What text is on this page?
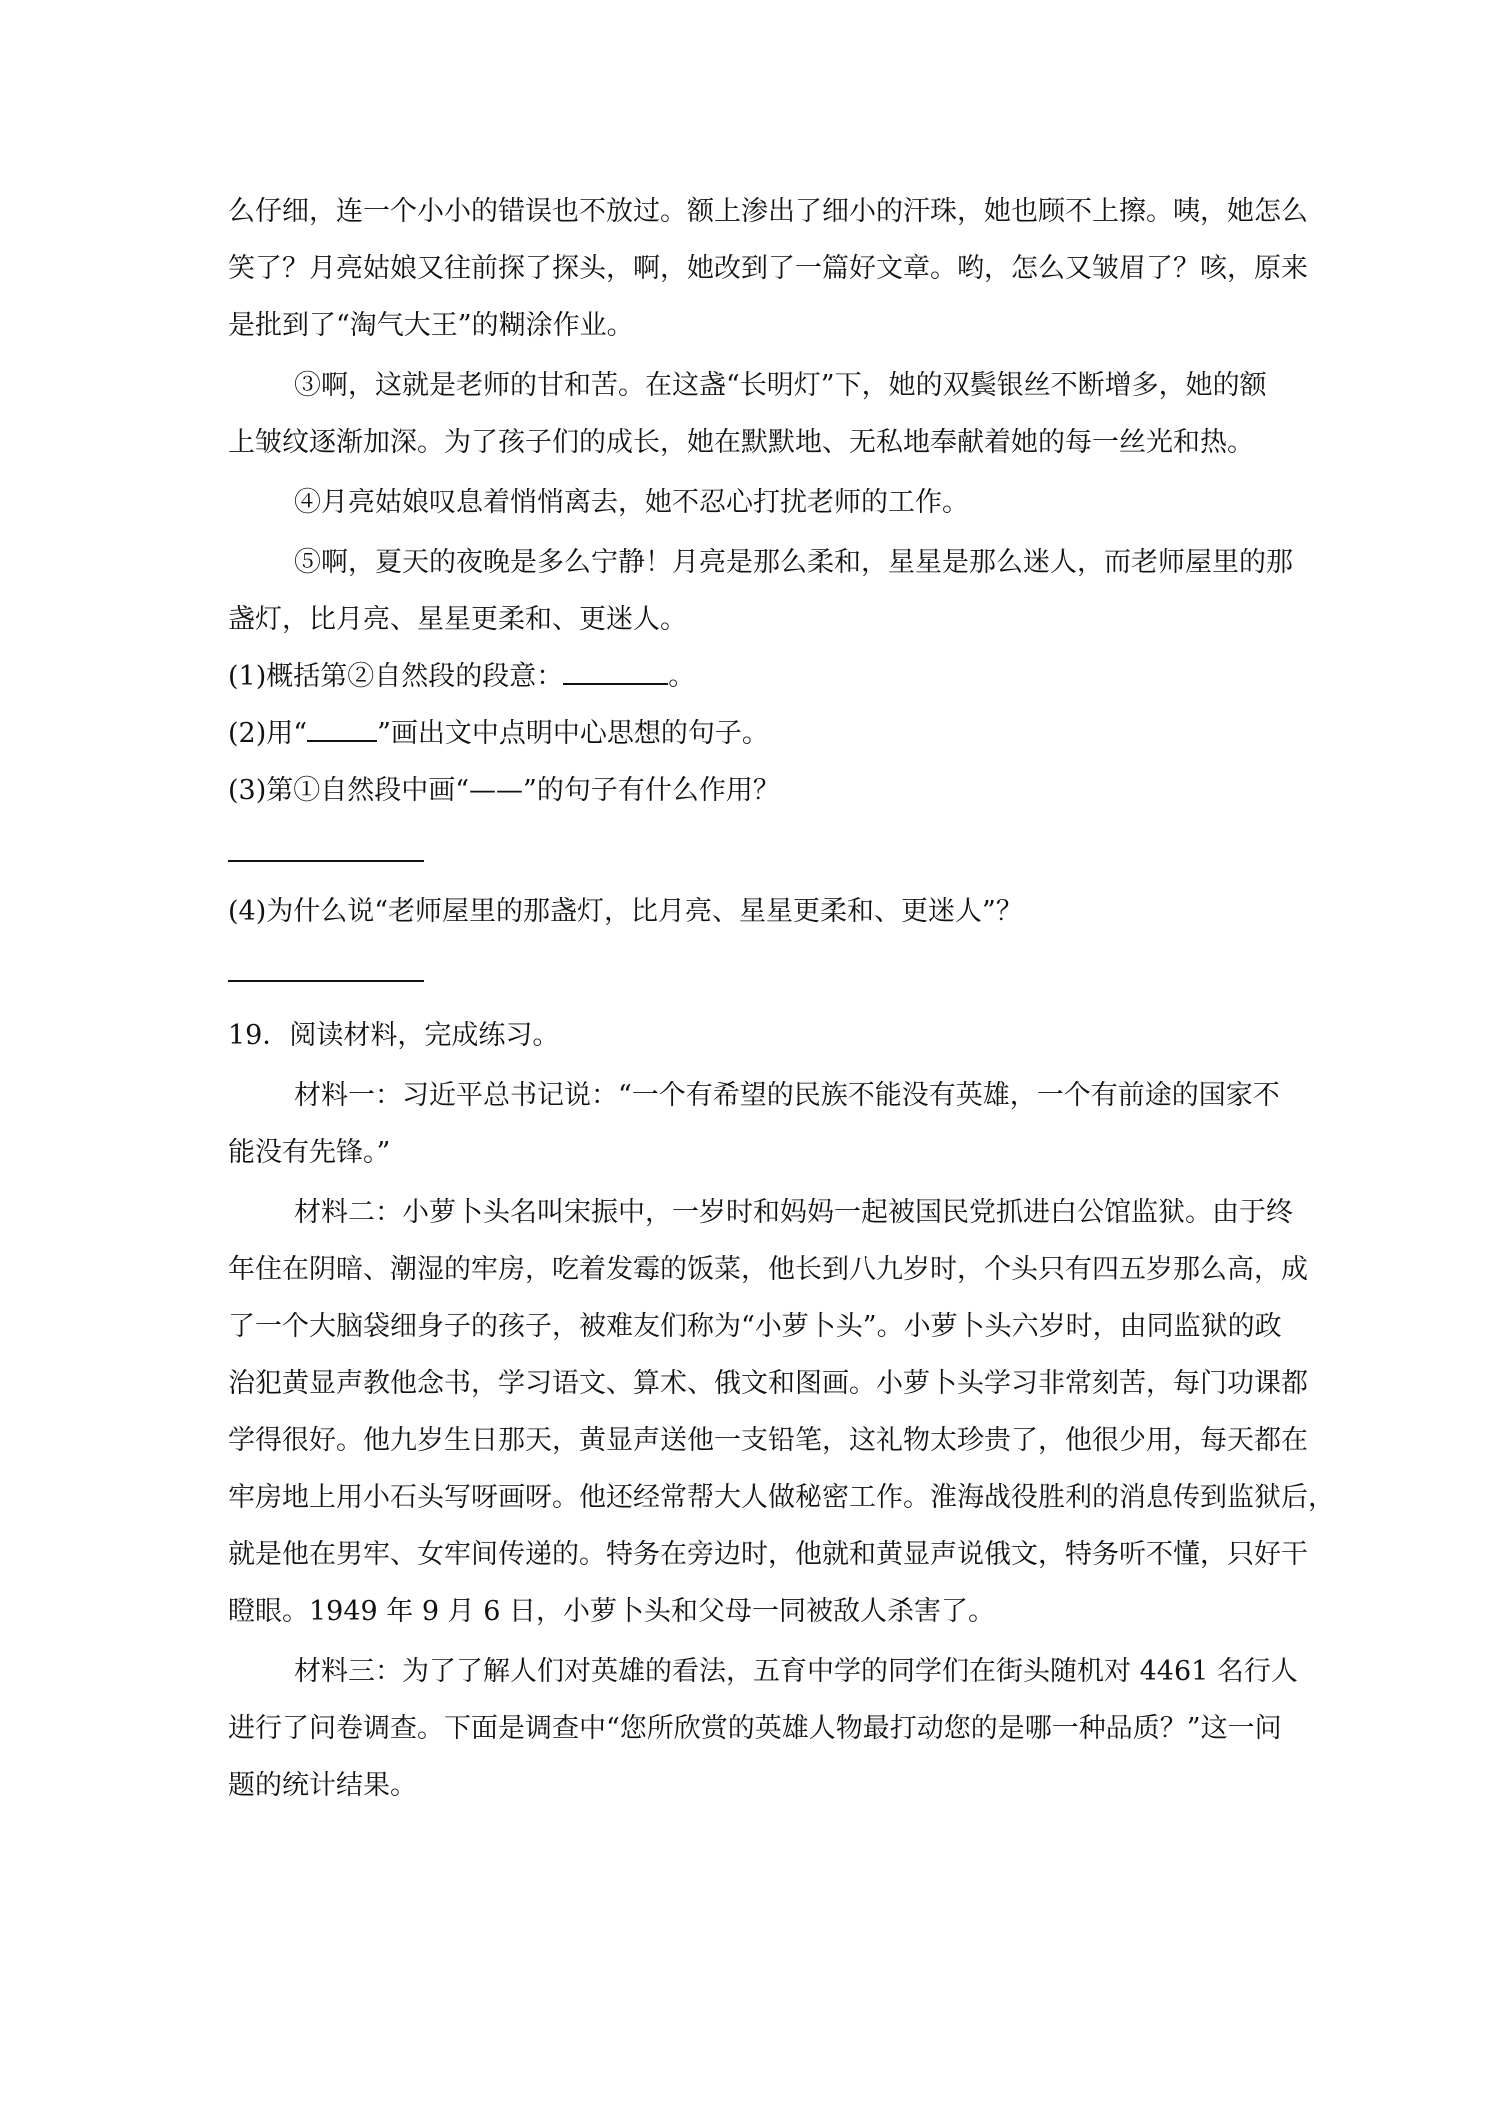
么仔细，连一个小小的错误也不放过。额上渗出了细小的汗珠，她也顾不上擦。咦，她怎么
笑了？月亮姑娘又往前探了探头，啊，她改到了一篇好文章。哟，怎么又皱眉了？咳，原来
是批到了“淘气大王”的糊涂作业。
③啊，这就是老师的甘和苦。在这盏“长明灯”下，她的双鬓银丝不断增多，她的额
上皱纹逐渐加深。为了孩子们的成长，她在默默地、无私地奉献着她的每一丝光和热。
④月亮姑娘叹息着悄悄离去，她不忍心打扰老师的工作。
⑤啊，夏天的夜晚是多么宁静！月亮是那么柔和，星星是那么迷人，而老师屋里的那
盏灯，比月亮、星星更柔和、更迷人。
(1)概括第②自然段的段意：	。
(2)用“	”画出文中点明中心思想的句子。
(3)第①自然段中画“——”的句子有什么作用？
(4)为什么说“老师屋里的那盏灯，比月亮、星星更柔和、更迷人”？
19．阅读材料，完成练习。
材料一：习近平总书记说：“一个有希望的民族不能没有英雄，一个有前途的国家不
能没有先锋。”
材料二：小萝卜头名叫宋振中，一岁时和妈妈一起被国民党抓进白公馆监狱。由于终
年住在阴暗、潮湿的牢房，吃着发霉的饭菜，他长到八九岁时，个头只有四五岁那么高，成
了一个大脑袋细身子的孩子，被难友们称为“小萝卜头”。小萝卜头六岁时，由同监狱的政
治犯黄显声教他念书，学习语文、算术、俄文和图画。小萝卜头学习非常刻苦，每门功课都
学得很好。他九岁生日那天，黄显声送他一支铅笔，这礼物太珍贵了，他很少用，每天都在
牢房地上用小石头写呀画呀。他还经常帮大人做秘密工作。淮海战役胜利的消息传到监狱后，
就是他在男牢、女牢间传递的。特务在旁边时，他就和黄显声说俄文，特务听不懂，只好干
瞪眼。1949 年 9 月 6 日，小萝卜头和父母一同被敌人杀害了。
材料三：为了了解人们对英雄的看法，五育中学的同学们在街头随机对 4461 名行人
进行了问卷调查。下面是调查中“您所欣赏的英雄人物最打动您的是哪一种品质？”这一问
题的统计结果。
